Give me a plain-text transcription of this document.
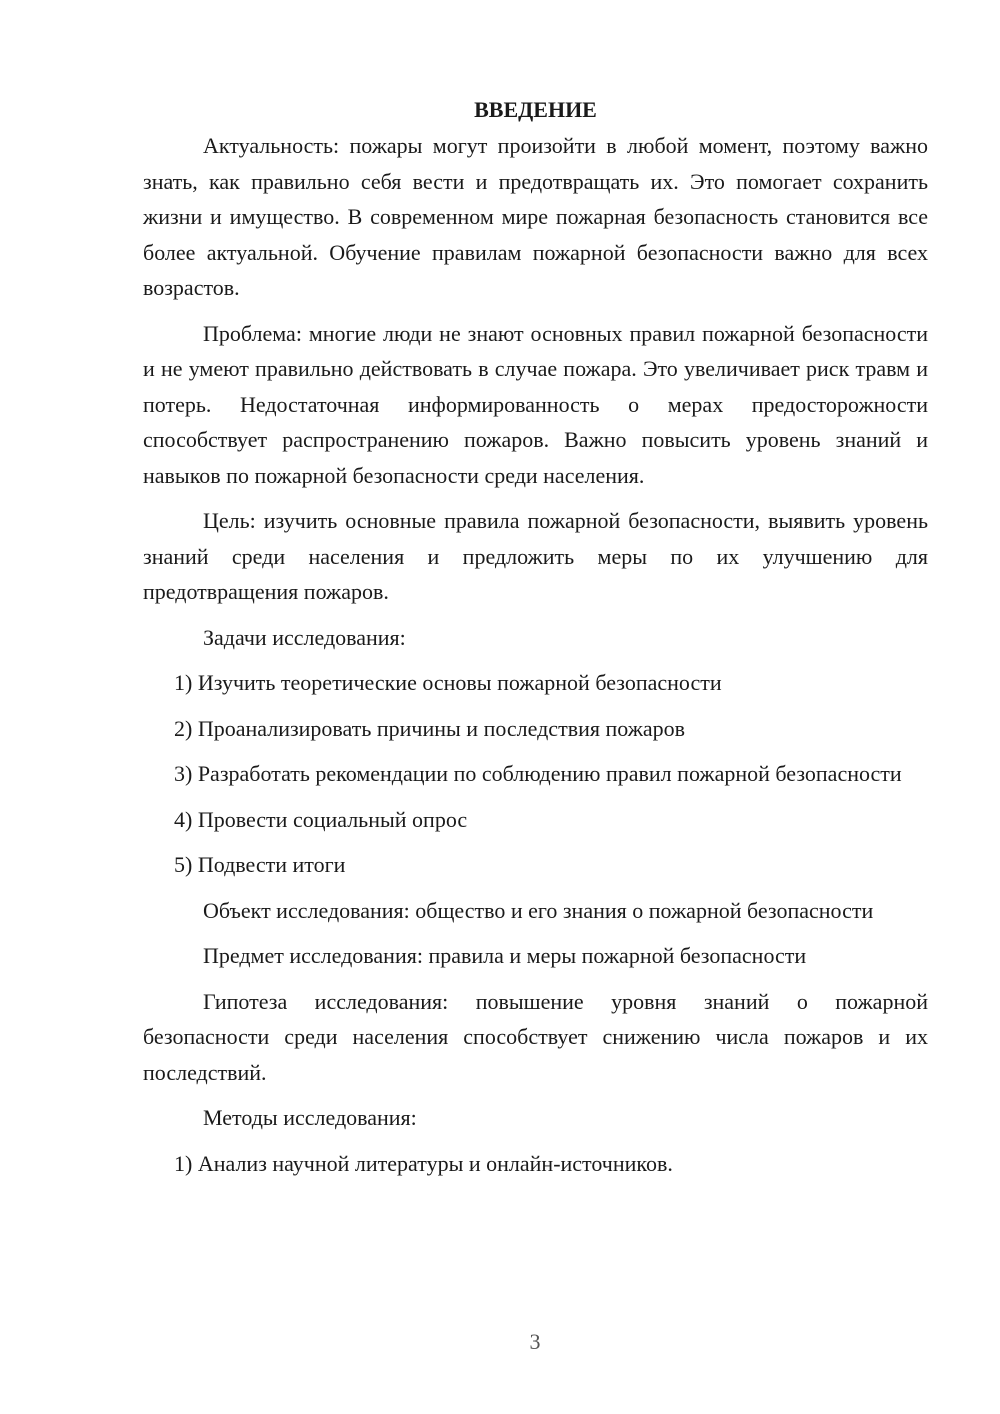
ВВЕДЕНИЕ

Актуальность: пожары могут произойти в любой момент, поэтому важно знать, как правильно себя вести и предотвращать их. Это помогает сохранить жизни и имущество. В современном мире пожарная безопасность становится все более актуальной. Обучение правилам пожарной безопасности важно для всех возрастов.

Проблема: многие люди не знают основных правил пожарной безопасности и не умеют правильно действовать в случае пожара. Это увеличивает риск травм и потерь. Недостаточная информированность о мерах предосторожности способствует распространению пожаров. Важно повысить уровень знаний и навыков по пожарной безопасности среди населения.

Цель: изучить основные правила пожарной безопасности, выявить уровень знаний среди населения и предложить меры по их улучшению для предотвращения пожаров.

Задачи исследования:

1) Изучить теоретические основы пожарной безопасности

2) Проанализировать причины и последствия пожаров

3) Разработать рекомендации по соблюдению правил пожарной безопасности

4) Провести социальный опрос

5) Подвести итоги

Объект исследования: общество и его знания о пожарной безопасности

Предмет исследования: правила и меры пожарной безопасности

Гипотеза исследования: повышение уровня знаний о пожарной безопасности среди населения способствует снижению числа пожаров и их последствий.

Методы исследования:

1) Анализ научной литературы и онлайн-источников.

3
